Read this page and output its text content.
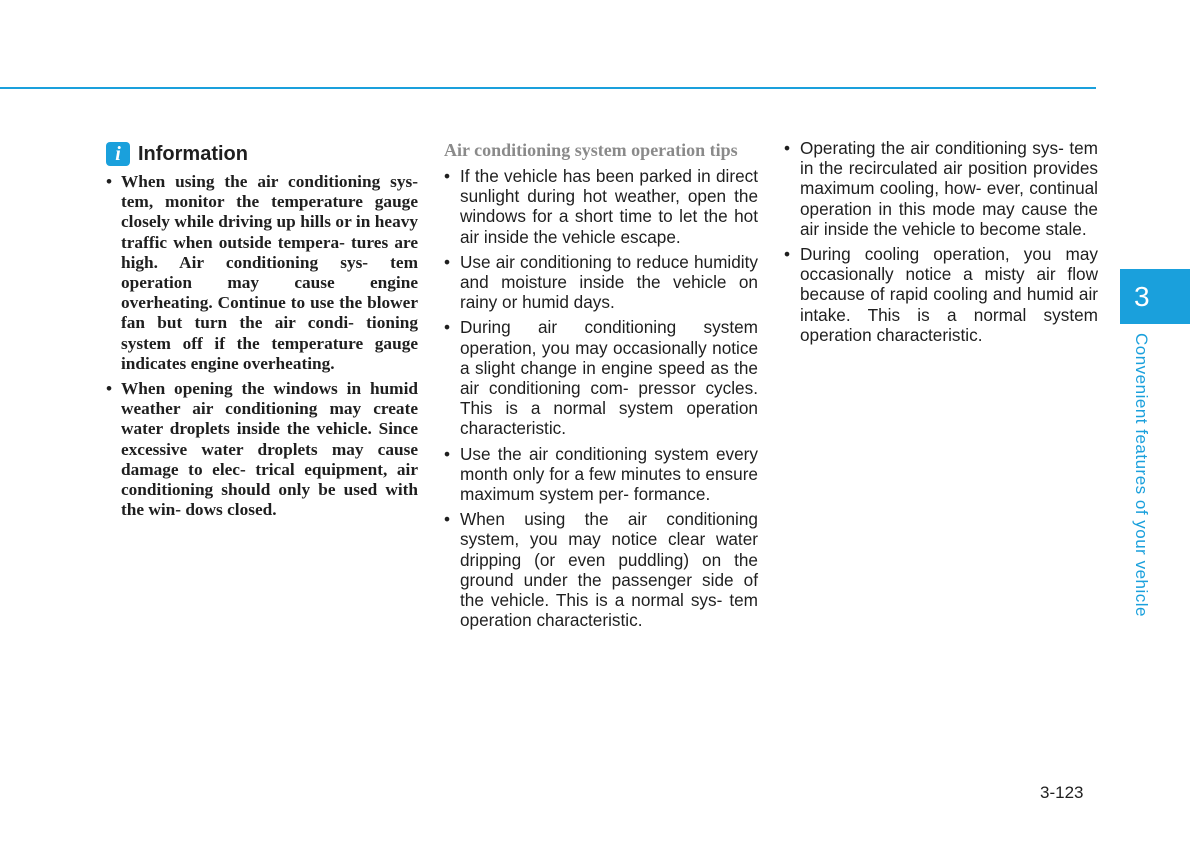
i Information
• When using the air conditioning sys- tem, monitor the temperature gauge closely while driving up hills or in heavy traffic when outside tempera- tures are high. Air conditioning sys- tem operation may cause engine overheating. Continue to use the blower fan but turn the air condi- tioning system off if the temperature gauge indicates engine overheating.
• When opening the windows in humid weather air conditioning may create water droplets inside the vehicle. Since excessive water droplets may cause damage to elec- trical equipment, air conditioning should only be used with the win- dows closed.
Air conditioning system operation tips
• If the vehicle has been parked in direct sunlight during hot weather, open the windows for a short time to let the hot air inside the vehicle escape.
• Use air conditioning to reduce humidity and moisture inside the vehicle on rainy or humid days.
• During air conditioning system operation, you may occasionally notice a slight change in engine speed as the air conditioning com- pressor cycles. This is a normal system operation characteristic.
• Use the air conditioning system every month only for a few minutes to ensure maximum system per- formance.
• When using the air conditioning system, you may notice clear water dripping (or even puddling) on the ground under the passenger side of the vehicle. This is a normal sys- tem operation characteristic.
• Operating the air conditioning sys- tem in the recirculated air position provides maximum cooling, how- ever, continual operation in this mode may cause the air inside the vehicle to become stale.
• During cooling operation, you may occasionally notice a misty air flow because of rapid cooling and humid air intake. This is a normal system operation characteristic.
3
Convenient features of your vehicle
3-123
